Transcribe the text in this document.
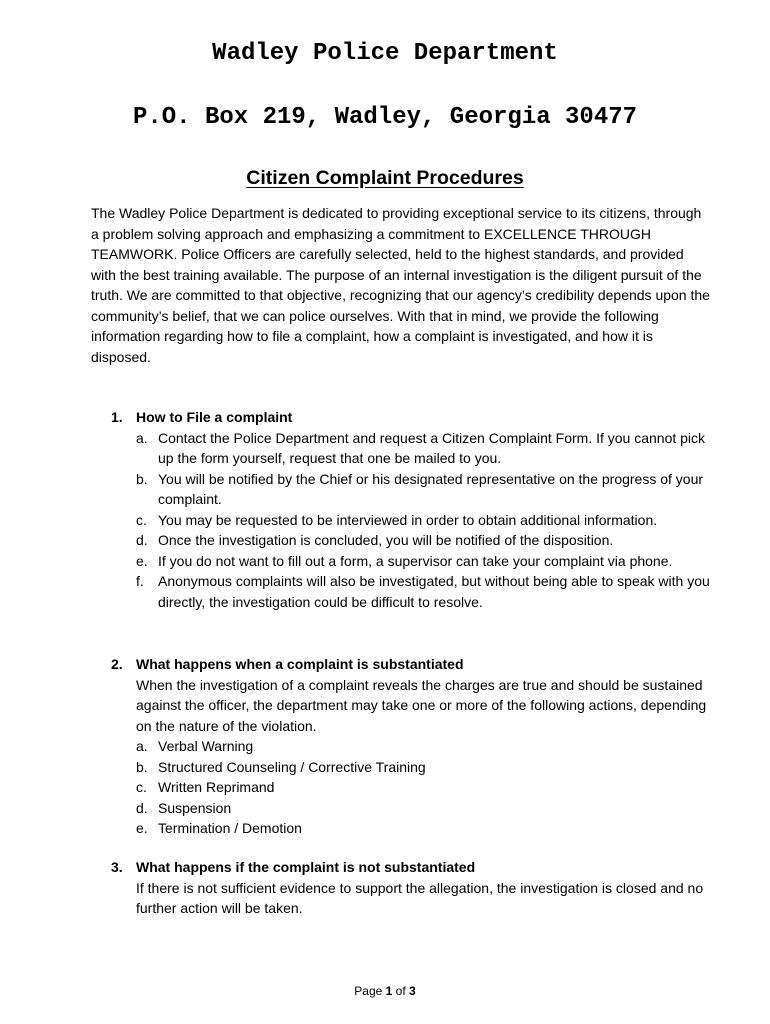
Wadley Police Department
P.O. Box 219, Wadley, Georgia 30477
Citizen Complaint Procedures

The Wadley Police Department is dedicated to providing exceptional service to its citizens, through a problem solving approach and emphasizing a commitment to EXCELLENCE THROUGH TEAMWORK. Police Officers are carefully selected, held to the highest standards, and provided with the best training available. The purpose of an internal investigation is the diligent pursuit of the truth. We are committed to that objective, recognizing that our agency’s credibility depends upon the community’s belief, that we can police ourselves. With that in mind, we provide the following information regarding how to file a complaint, how a complaint is investigated, and how it is disposed.

1. How to File a complaint
a. Contact the Police Department and request a Citizen Complaint Form. If you cannot pick up the form yourself, request that one be mailed to you.
b. You will be notified by the Chief or his designated representative on the progress of your complaint.
c. You may be requested to be interviewed in order to obtain additional information.
d. Once the investigation is concluded, you will be notified of the disposition.
e. If you do not want to fill out a form, a supervisor can take your complaint via phone.
f.	Anonymous complaints will also be investigated, but without being able to speak with you directly, the investigation could be difficult to resolve.
2. What happens when a complaint is substantiated
When the investigation of a complaint reveals the charges are true and should be sustained against the officer, the department may take one or more of the following actions, depending on the nature of the violation.
a. Verbal Warning
b. Structured Counseling / Corrective Training
c. Written Reprimand
d. Suspension
e. Termination / Demotion
3. What happens if the complaint is not substantiated
If there is not sufficient evidence to support the allegation, the investigation is closed and no further action will be taken.
Page 1 of 3
